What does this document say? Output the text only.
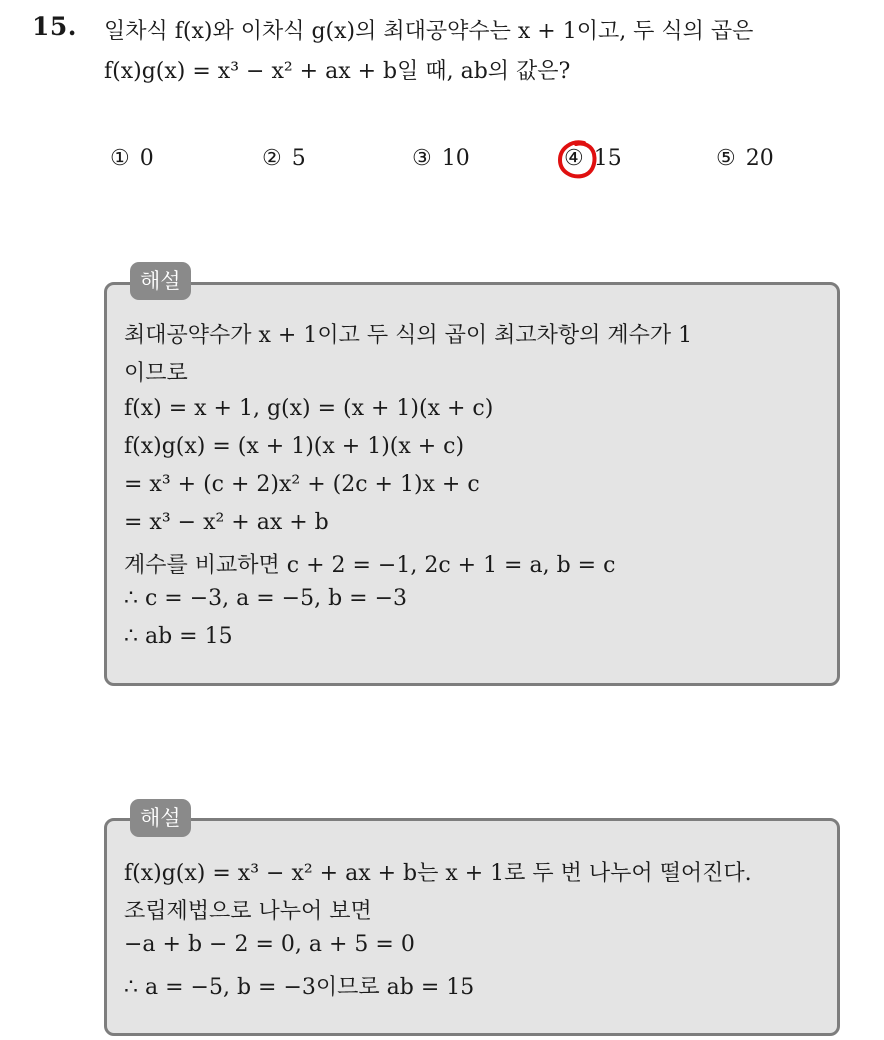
15. 일차식 f(x)와 이차식 g(x)의 최대공약수는 x + 1이고, 두 식의 곱은
f(x)g(x) = x³ − x² + ax + b일 때, ab의 값은?
① 0	② 5	③ 10	④ 15	⑤ 20
해설
최대공약수가 x + 1이고 두 식의 곱이 최고차항의 계수가 1
이므로
f(x) = x + 1, g(x) = (x + 1)(x + c)
f(x)g(x) = (x + 1)(x + 1)(x + c)
= x³ + (c + 2)x² + (2c + 1)x + c
= x³ − x² + ax + b
계수를 비교하면 c + 2 = −1, 2c + 1 = a, b = c
∴ c = −3, a = −5, b = −3
∴ ab = 15
해설
f(x)g(x) = x³ − x² + ax + b는 x + 1로 두 번 나누어 떨어진다.
조립제법으로 나누어 보면
−a + b − 2 = 0, a + 5 = 0
∴ a = −5, b = −3이므로 ab = 15
